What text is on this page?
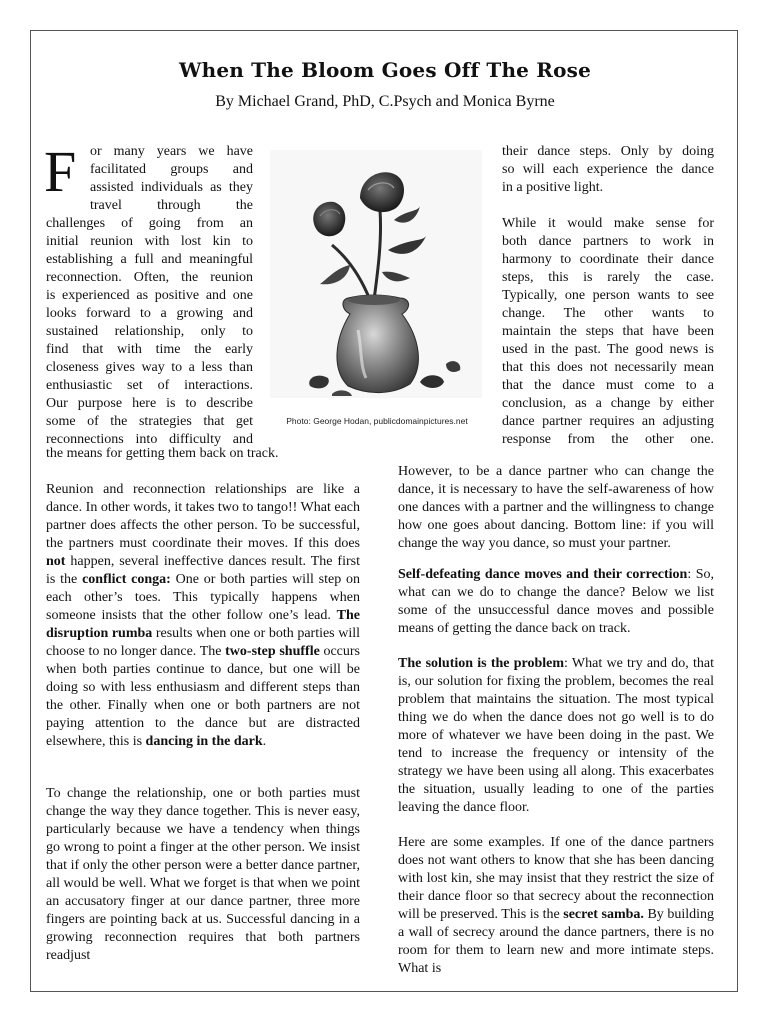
When The Bloom Goes Off The Rose
By Michael Grand, PhD, C.Psych and Monica Byrne
F or many years we have
facilitated groups and
assisted individuals as they
travel through the
challenges of going from an
initial reunion with lost kin to
establishing a full and meaningful
reconnection. Often, the reunion
is experienced as positive and one
looks forward to a growing and
sustained relationship, only to
find that with time the early
closeness gives way to a less than
enthusiastic set of interactions.
Our purpose here is to describe
some of the strategies that get
reconnections into difficulty and

the means for getting them back on track.

Reunion and reconnection relationships are like a dance. In other words, it takes two to tango!! What each partner does affects the other person. To be successful, the partners must coordinate their moves. If this does not happen, several ineffective dances result. The first is the conflict conga: One or both parties will step on each other’s toes. This typically happens when someone insists that the other follow one’s lead. The disruption rumba results when one or both parties will choose to no longer dance. The two-step shuffle occurs when both parties continue to dance, but one will be doing so with less enthusiasm and different steps than the other. Finally when one or both partners are not paying attention to the dance but are distracted elsewhere, this is dancing in the dark.

To change the relationship, one or both parties must change the way they dance together. This is never easy, particularly because we have a tendency when things go wrong to point a finger at the other person. We insist that if only the other person were a better dance partner, all would be well. What we forget is that when we point an accusatory finger at our dance partner, three more fingers are pointing back at us. Successful dancing in a growing reconnection requires that both partners readjust

Photo: George Hodan, publicdomainpictures.net
their dance steps. Only by doing
so will each experience the dance
in a positive light.
While it would make sense for
both dance partners to work in
harmony to coordinate their dance
steps, this is rarely the case.
Typically, one person wants to see
change. The other wants to
maintain the steps that have been
used in the past. The good news is
that this does not necessarily mean
that the dance must come to a
conclusion, as a change by either
dance partner requires an adjusting
response from the other one.

However, to be a dance partner who can change the dance, it is necessary to have the self-awareness of how one dances with a partner and the willingness to change how one goes about dancing. Bottom line: if you will change the way you dance, so must your partner.

Self-defeating dance moves and their correction: So, what can we do to change the dance? Below we list some of the unsuccessful dance moves and possible means of getting the dance back on track.

The solution is the problem: What we try and do, that is, our solution for fixing the problem, becomes the real problem that maintains the situation. The most typical thing we do when the dance does not go well is to do more of whatever we have been doing in the past. We tend to increase the frequency or intensity of the strategy we have been using all along. This exacerbates the situation, usually leading to one of the parties leaving the dance floor.

Here are some examples. If one of the dance partners does not want others to know that she has been dancing with lost kin, she may insist that they restrict the size of their dance floor so that secrecy about the reconnection will be preserved. This is the secret samba. By building a wall of secrecy around the dance partners, there is no room for them to learn new and more intimate steps. What is
